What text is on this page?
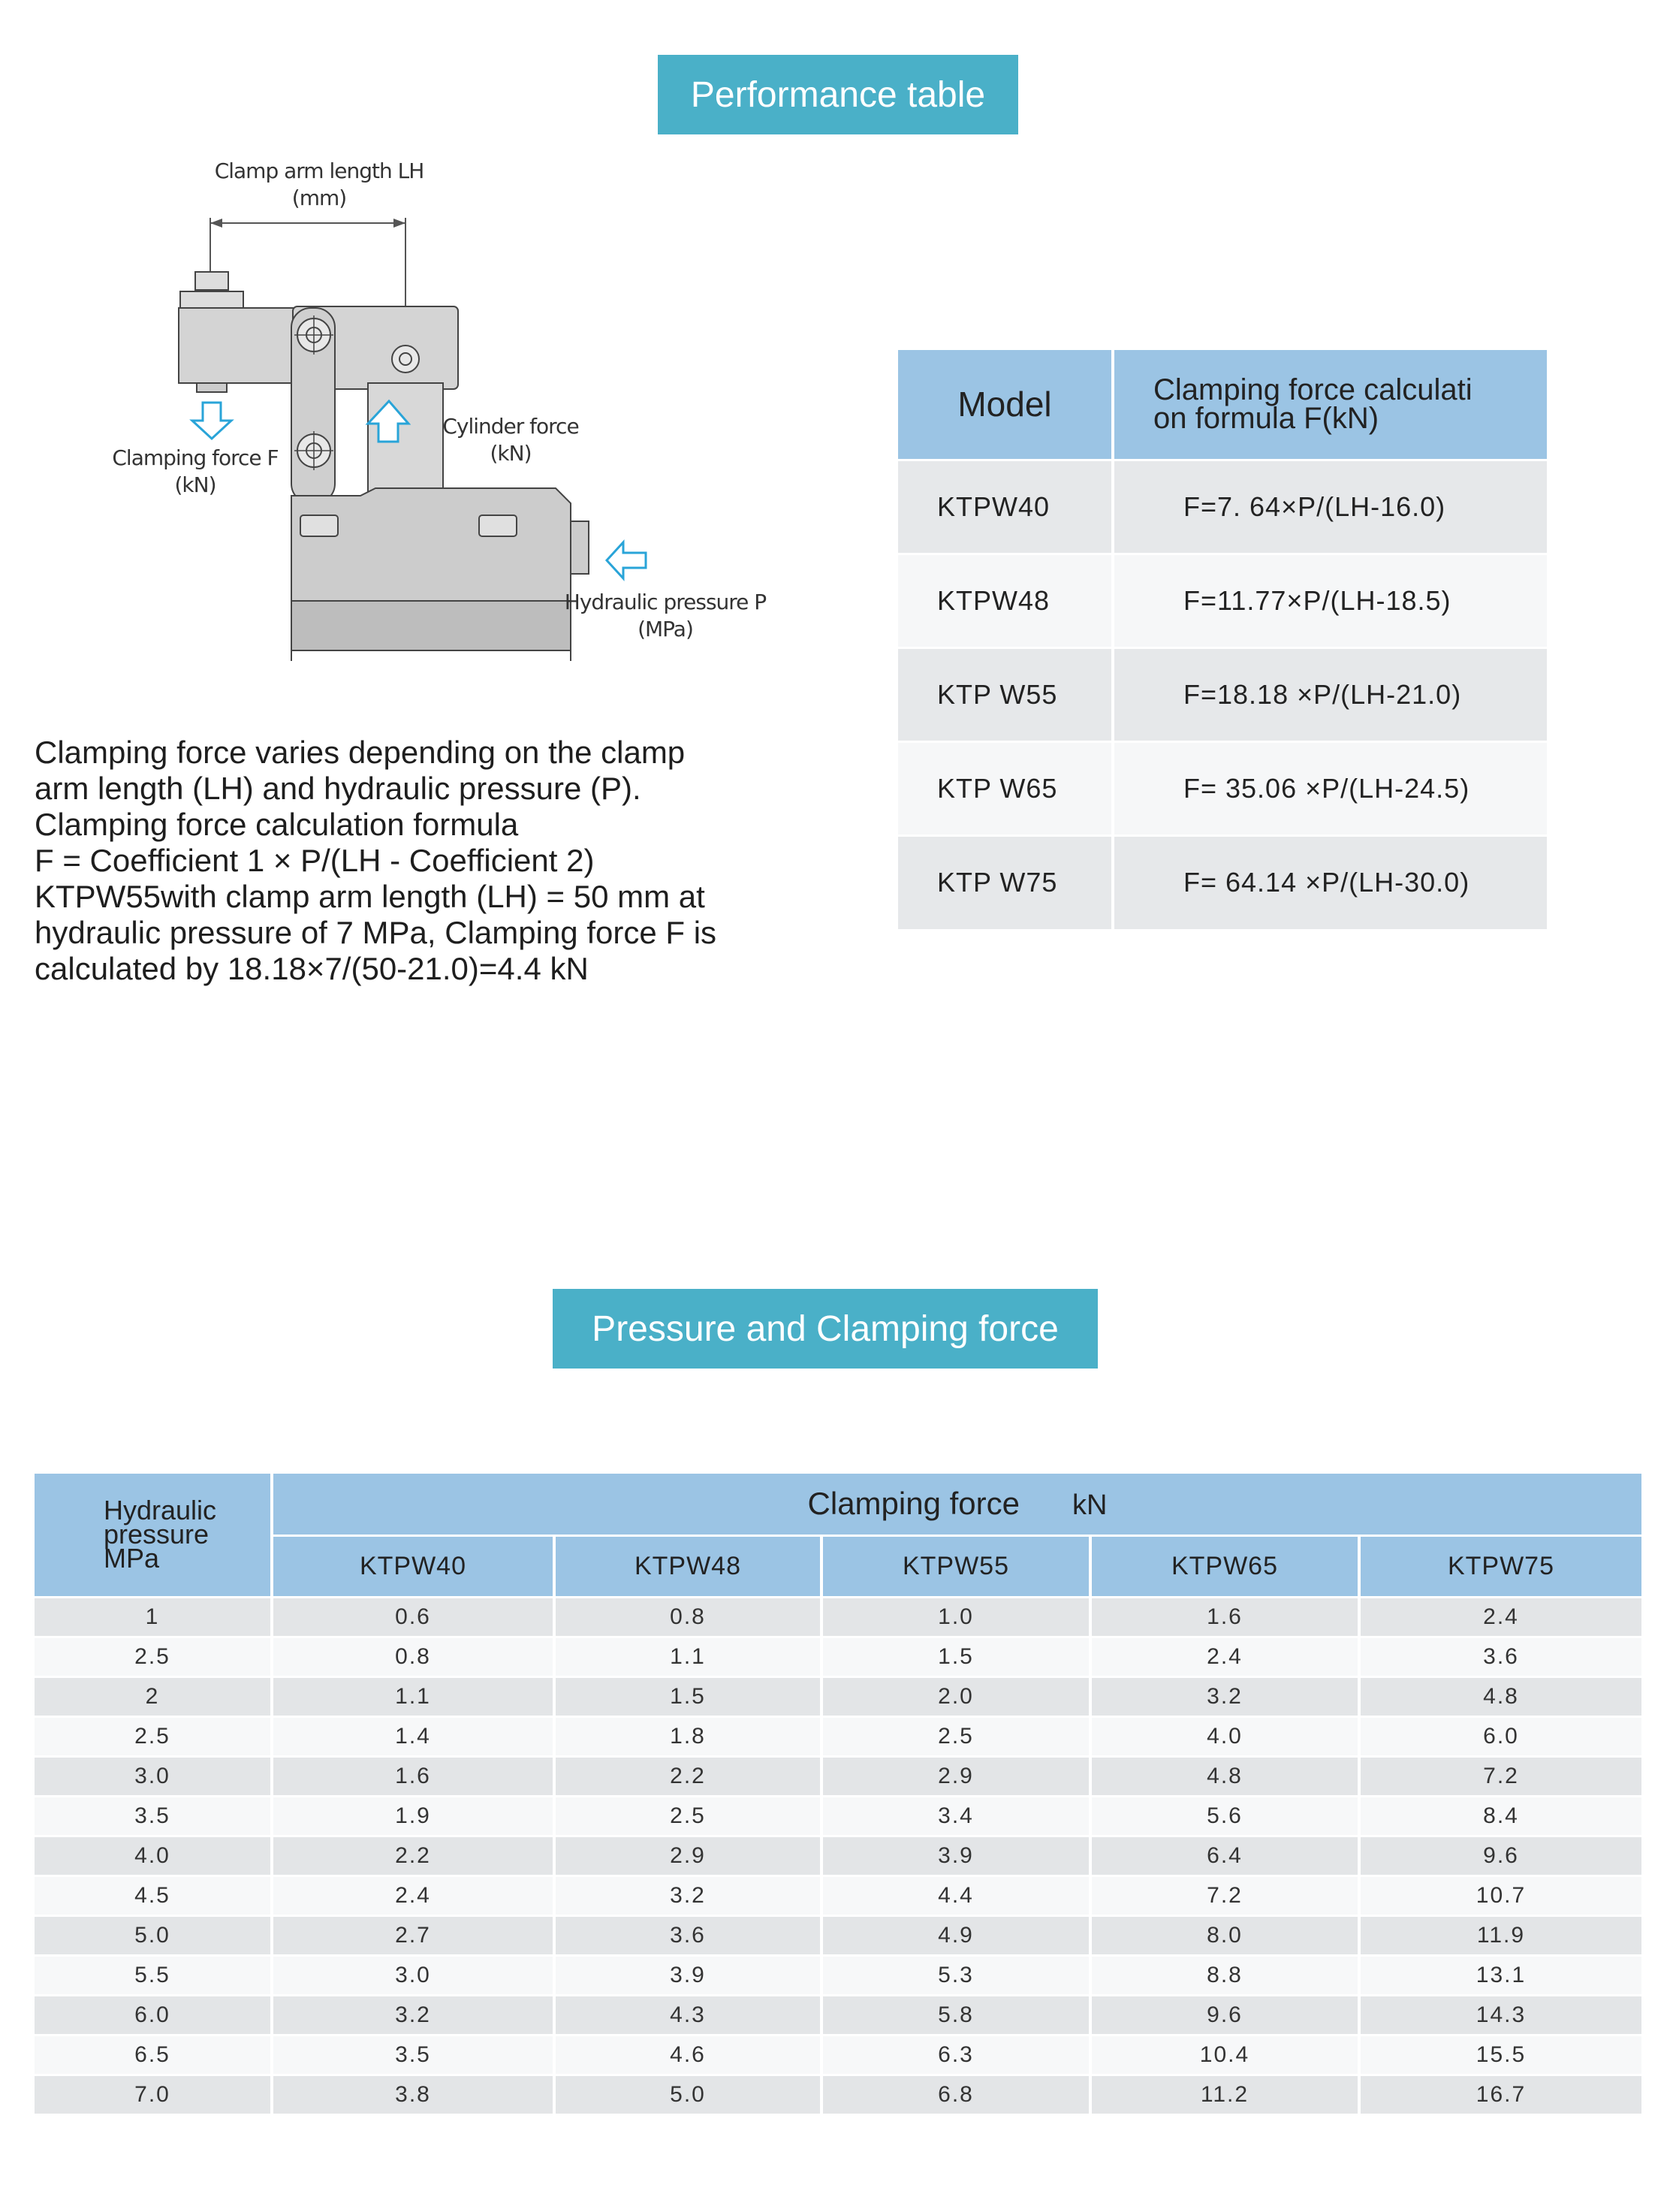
Performance table
Clamp arm length LH
(mm)
Cylinder force
(kN)
Clamping force F
(kN)
Hydraulic pressure P
(MPa)
Clamping force varies depending on the clamp
arm length (LH) and hydraulic pressure (P).
Clamping force calculation formula
F = Coefficient 1 × P/(LH - Coefficient 2)
KTPW55with clamp arm length (LH) = 50 mm at
hydraulic pressure of 7 MPa, Clamping force F is
calculated by 18.18×7/(50-21.0)=4.4 kN
Model	Clamping force calculati
on formula F(kN)

KTPW40	F=7. 64×P/(LH-16.0)
KTPW48	F=11.77×P/(LH-18.5)
KTP W55	F=18.18 ×P/(LH-21.0)
KTP W65	F= 35.06 ×P/(LH-24.5)
KTP W75	F= 64.14 ×P/(LH-30.0)
Pressure and Clamping force
Hydraulic
pressure
MPa	Clamping force kN				
	KTPW40	KTPW48	KTPW55	KTPW65	KTPW75
1	0.6	0.8	1.0	1.6	2.4
2.5	0.8	1.1	1.5	2.4	3.6
2	1.1	1.5	2.0	3.2	4.8
2.5	1.4	1.8	2.5	4.0	6.0
3.0	1.6	2.2	2.9	4.8	7.2
3.5	1.9	2.5	3.4	5.6	8.4
4.0	2.2	2.9	3.9	6.4	9.6
4.5	2.4	3.2	4.4	7.2	10.7
5.0	2.7	3.6	4.9	8.0	11.9
5.5	3.0	3.9	5.3	8.8	13.1
6.0	3.2	4.3	5.8	9.6	14.3
6.5	3.5	4.6	6.3	10.4	15.5
7.0	3.8	5.0	6.8	11.2	16.7
